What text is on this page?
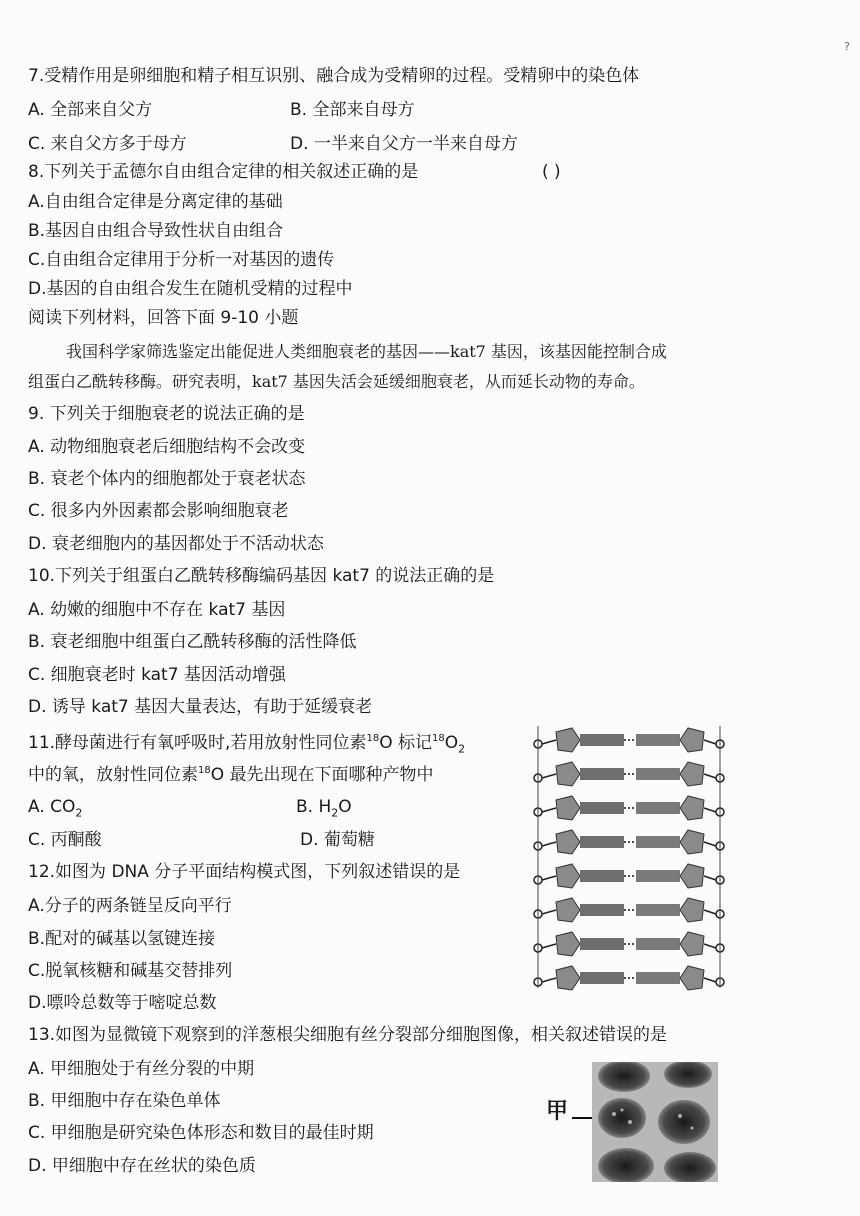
?
7.受精作用是卵细胞和精子相互识别、融合成为受精卵的过程。受精卵中的染色体
A. 全部来自父方	B. 全部来自母方
C. 来自父方多于母方	D. 一半来自父方一半来自母方
8.下列关于孟德尔自由组合定律的相关叙述正确的是	( )
A.自由组合定律是分离定律的基础
B.基因自由组合导致性状自由组合
C.自由组合定律用于分析一对基因的遗传
D.基因的自由组合发生在随机受精的过程中
阅读下列材料，回答下面 9-10 小题
我国科学家筛选鉴定出能促进人类细胞衰老的基因——kat7 基因，该基因能控制合成
组蛋白乙酰转移酶。研究表明，kat7 基因失活会延缓细胞衰老，从而延长动物的寿命。
9. 下列关于细胞衰老的说法正确的是
A. 动物细胞衰老后细胞结构不会改变
B. 衰老个体内的细胞都处于衰老状态
C. 很多内外因素都会影响细胞衰老
D. 衰老细胞内的基因都处于不活动状态
10.下列关于组蛋白乙酰转移酶编码基因 kat7 的说法正确的是
A. 幼嫩的细胞中不存在 kat7 基因
B. 衰老细胞中组蛋白乙酰转移酶的活性降低
C. 细胞衰老时 kat7 基因活动增强
D. 诱导 kat7 基因大量表达，有助于延缓衰老
11.酵母菌进行有氧呼吸时,若用放射性同位素$^{18}$O 标记$^{18}O_2$
中的氧，放射性同位素$^{18}$O 最先出现在下面哪种产物中
A. $CO_2$	B. $H_2O$
C. 丙酮酸	D. 葡萄糖
12.如图为 DNA 分子平面结构模式图，下列叙述错误的是
A.分子的两条链呈反向平行
B.配对的碱基以氢键连接
C.脱氧核糖和碱基交替排列
D.嘌呤总数等于嘧啶总数
13.如图为显微镜下观察到的洋葱根尖细胞有丝分裂部分细胞图像，相关叙述错误的是
A. 甲细胞处于有丝分裂的中期
B. 甲细胞中存在染色单体
C. 甲细胞是研究染色体形态和数目的最佳时期
D. 甲细胞中存在丝状的染色质
甲
